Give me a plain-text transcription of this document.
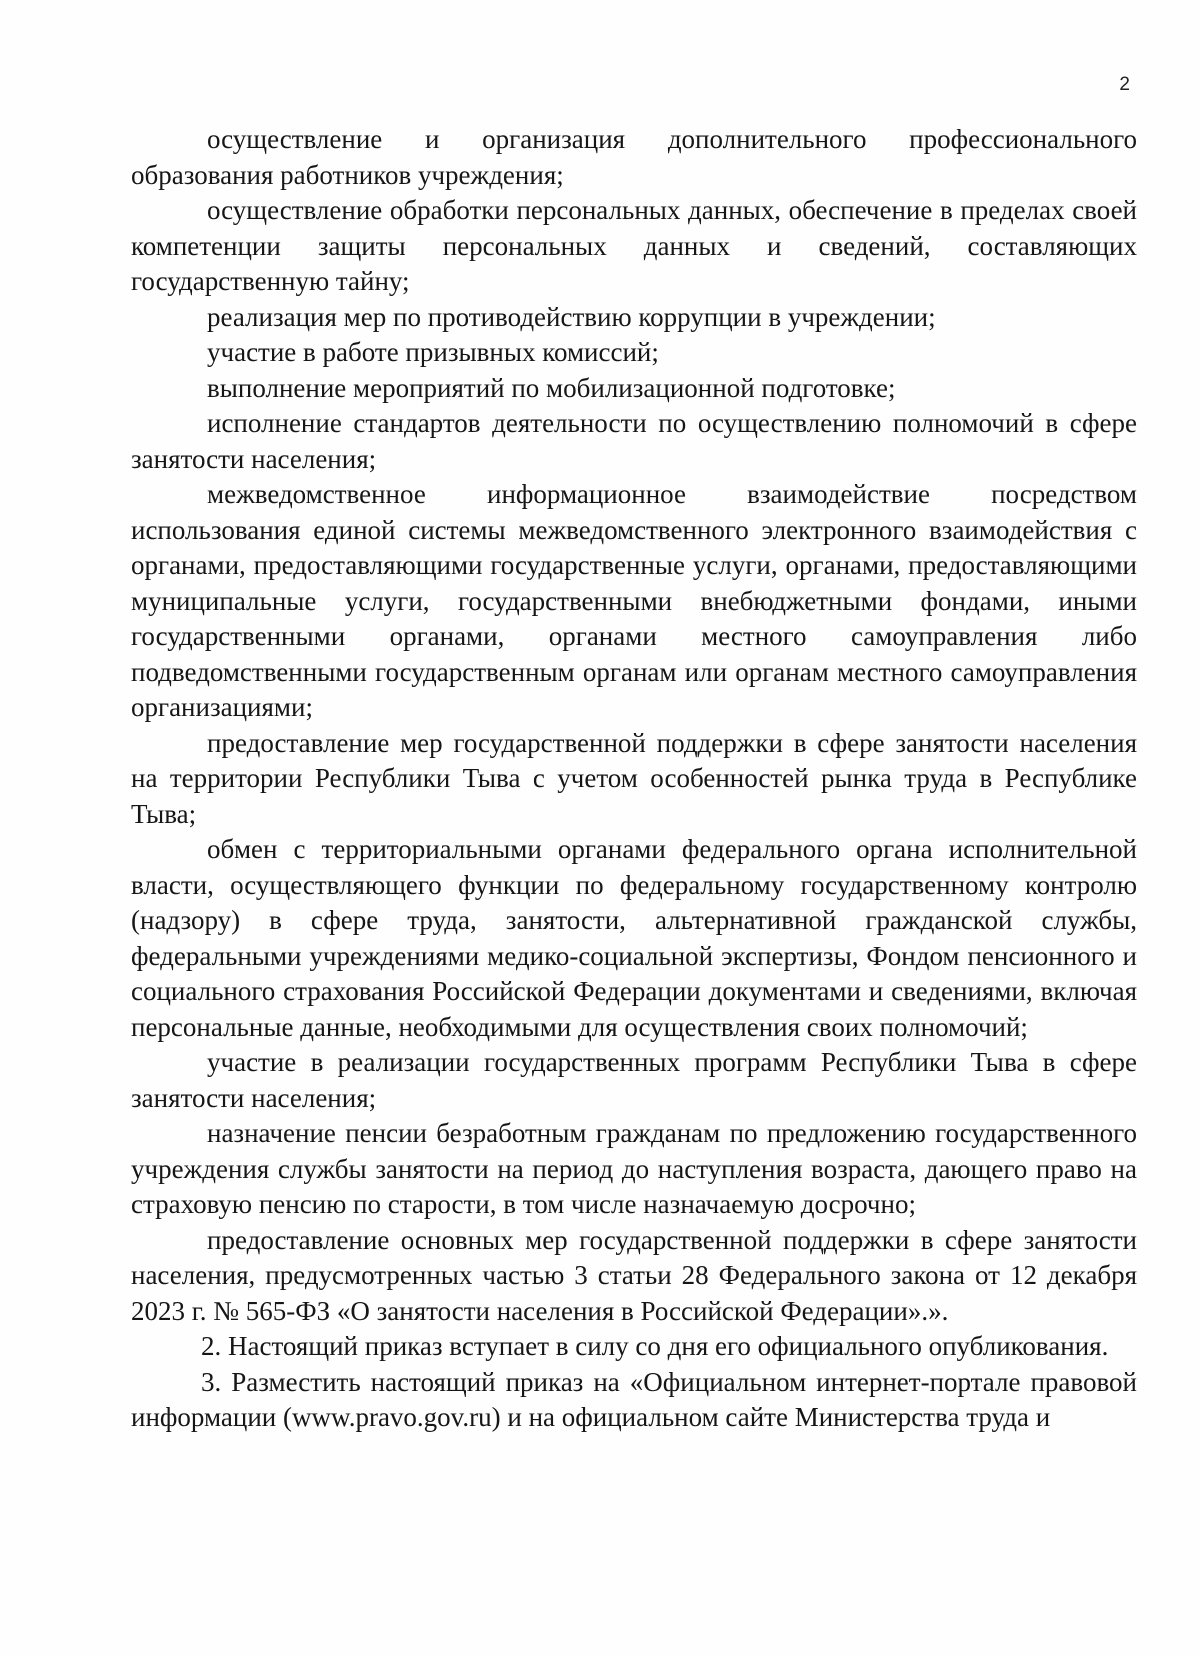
2

осуществление и организация дополнительного профессионального образования работников учреждения;

осуществление обработки персональных данных, обеспечение в пределах своей компетенции защиты персональных данных и сведений, составляющих государственную тайну;

реализация мер по противодействию коррупции в учреждении;

участие в работе призывных комиссий;

выполнение мероприятий по мобилизационной подготовке;

исполнение стандартов деятельности по осуществлению полномочий в сфере занятости населения;

межведомственное информационное взаимодействие посредством использования единой системы межведомственного электронного взаимодействия с органами, предоставляющими государственные услуги, органами, предоставляющими муниципальные услуги, государственными внебюджетными фондами, иными государственными органами, органами местного самоуправления либо подведомственными государственным органам или органам местного самоуправления организациями;

предоставление мер государственной поддержки в сфере занятости населения на территории Республики Тыва с учетом особенностей рынка труда в Республике Тыва;

обмен с территориальными органами федерального органа исполнительной власти, осуществляющего функции по федеральному государственному контролю (надзору) в сфере труда, занятости, альтернативной гражданской службы, федеральными учреждениями медико-социальной экспертизы, Фондом пенсионного и социального страхования Российской Федерации документами и сведениями, включая персональные данные, необходимыми для осуществления своих полномочий;

участие в реализации государственных программ Республики Тыва в сфере занятости населения;

назначение пенсии безработным гражданам по предложению государственного учреждения службы занятости на период до наступления возраста, дающего право на страховую пенсию по старости, в том числе назначаемую досрочно;

предоставление основных мер государственной поддержки в сфере занятости населения, предусмотренных частью 3 статьи 28 Федерального закона от 12 декабря 2023 г. № 565-ФЗ «О занятости населения в Российской Федерации».».

2. Настоящий приказ вступает в силу со дня его официального опубликования.

3. Разместить настоящий приказ на «Официальном интернет-портале правовой информации (www.pravo.gov.ru) и на официальном сайте Министерства труда и
